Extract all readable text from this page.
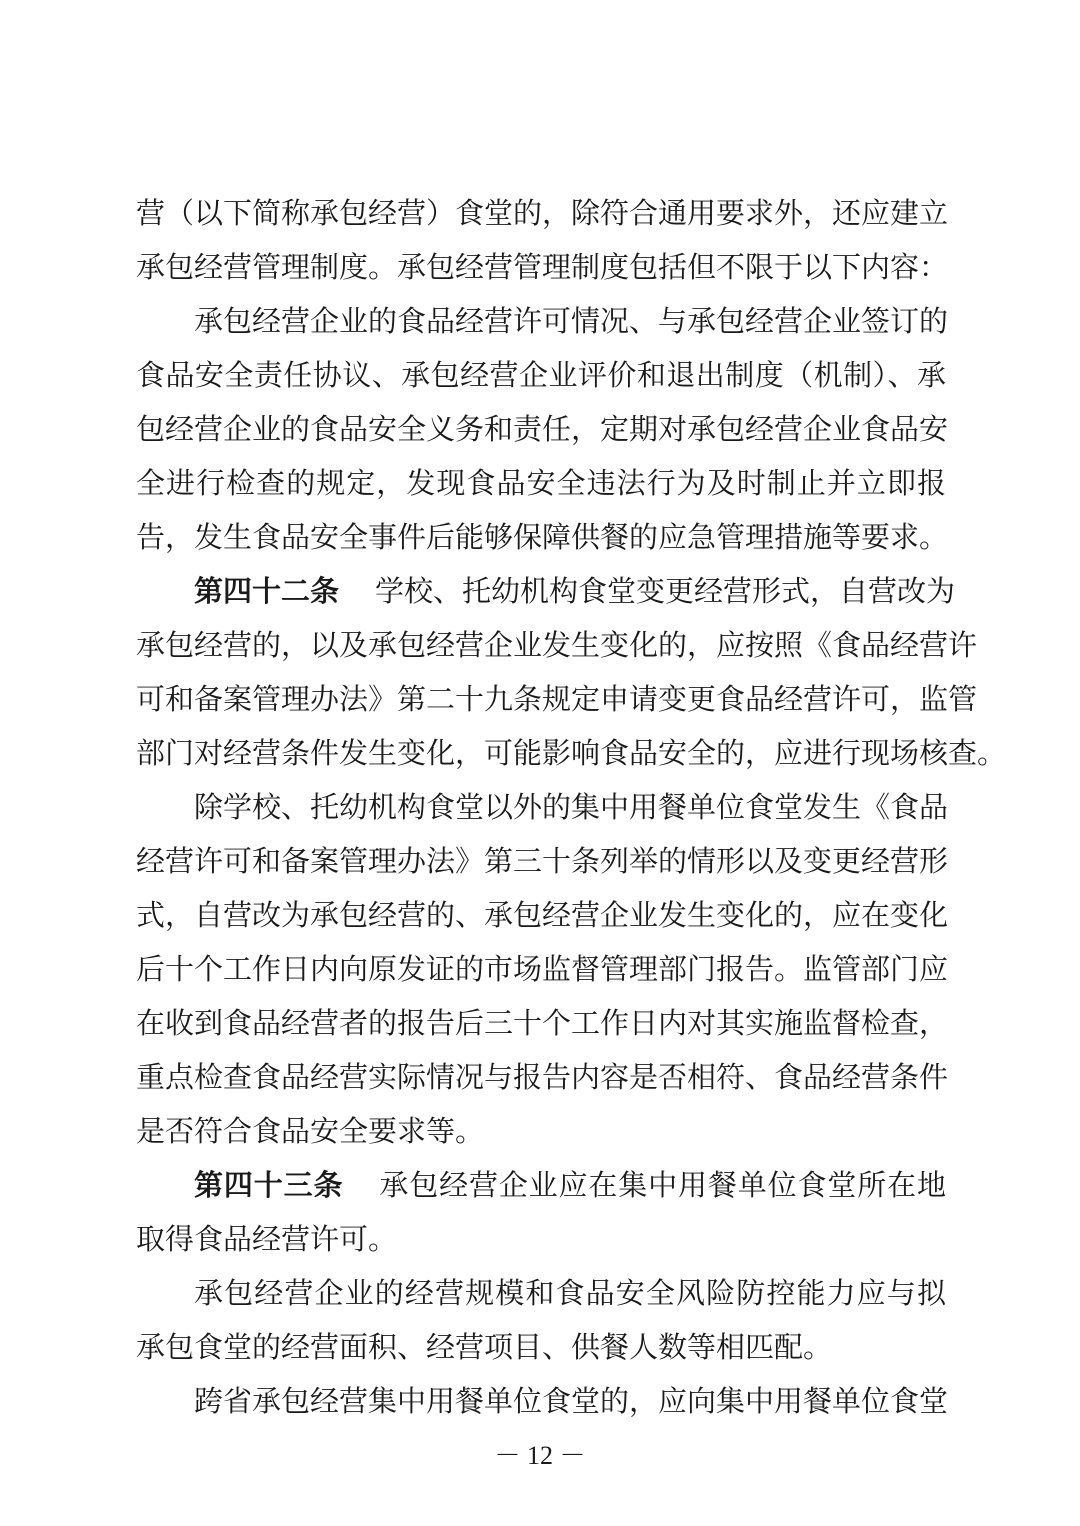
营（以下简称承包经营）食堂的，除符合通用要求外，还应建立
承包经营管理制度。承包经营管理制度包括但不限于以下内容：
承包经营企业的食品经营许可情况、与承包经营企业签订的
食品安全责任协议、承包经营企业评价和退出制度（机制）、承
包经营企业的食品安全义务和责任，定期对承包经营企业食品安
全进行检查的规定，发现食品安全违法行为及时制止并立即报
告，发生食品安全事件后能够保障供餐的应急管理措施等要求。
第四十二条 学校、托幼机构食堂变更经营形式，自营改为
承包经营的，以及承包经营企业发生变化的，应按照《食品经营许
可和备案管理办法》第二十九条规定申请变更食品经营许可，监管
部门对经营条件发生变化，可能影响食品安全的，应进行现场核查。
除学校、托幼机构食堂以外的集中用餐单位食堂发生《食品
经营许可和备案管理办法》第三十条列举的情形以及变更经营形
式，自营改为承包经营的、承包经营企业发生变化的，应在变化
后十个工作日内向原发证的市场监督管理部门报告。监管部门应
在收到食品经营者的报告后三十个工作日内对其实施监督检查，
重点检查食品经营实际情况与报告内容是否相符、食品经营条件
是否符合食品安全要求等。
第四十三条 承包经营企业应在集中用餐单位食堂所在地
取得食品经营许可。
承包经营企业的经营规模和食品安全风险防控能力应与拟
承包食堂的经营面积、经营项目、供餐人数等相匹配。
跨省承包经营集中用餐单位食堂的，应向集中用餐单位食堂
－ 12 －
